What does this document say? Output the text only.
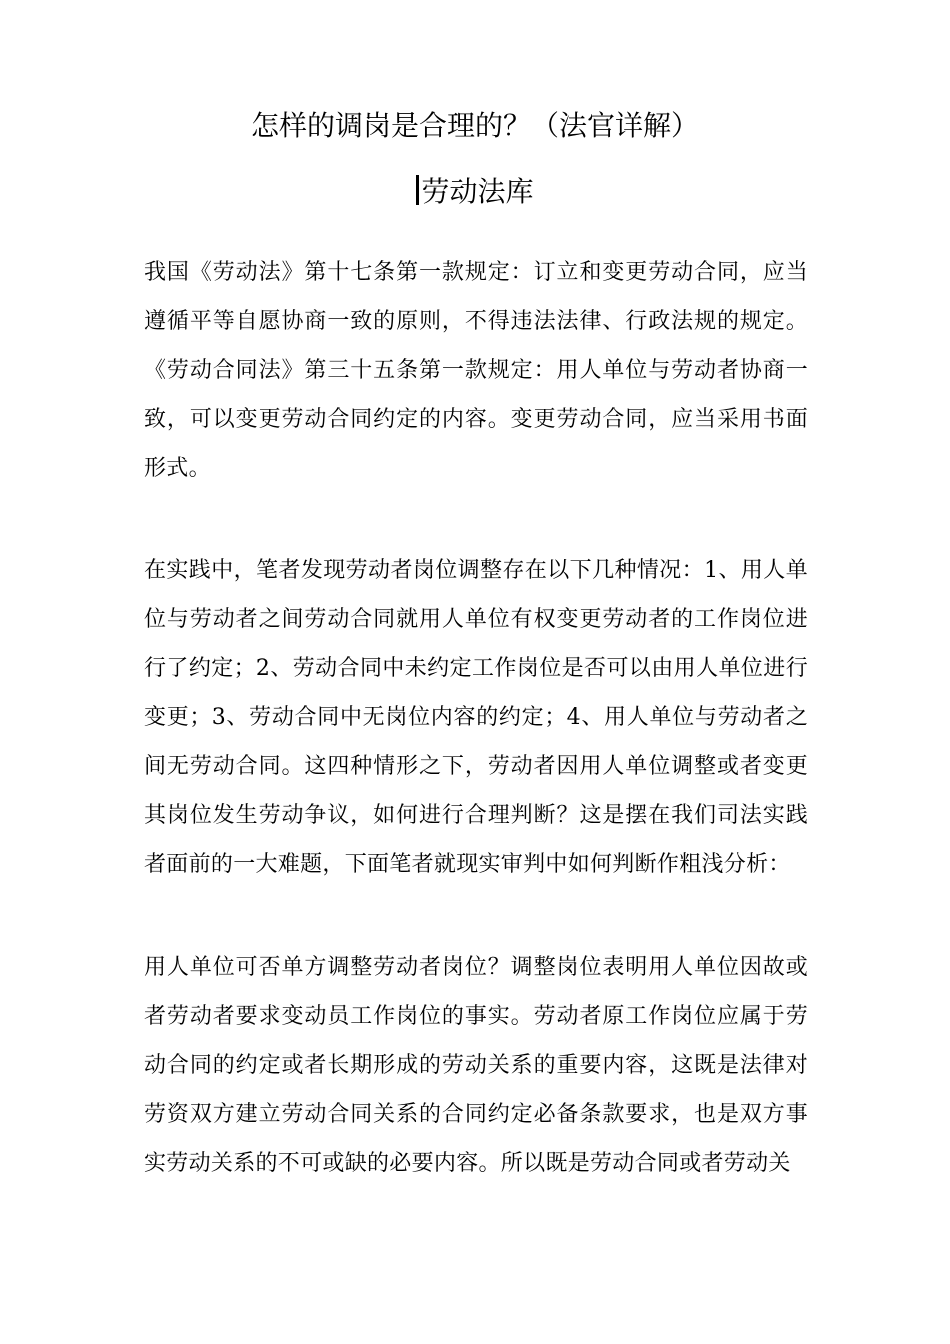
怎样的调岗是合理的？（法官详解）
劳动法库
我国《劳动法》第十七条第一款规定：订立和变更劳动合同，应当遵循平等自愿协商一致的原则，不得违法法律、行政法规的规定。《劳动合同法》第三十五条第一款规定：用人单位与劳动者协商一致，可以变更劳动合同约定的内容。变更劳动合同，应当采用书面形式。
在实践中，笔者发现劳动者岗位调整存在以下几种情况：1、用人单位与劳动者之间劳动合同就用人单位有权变更劳动者的工作岗位进行了约定；2、劳动合同中未约定工作岗位是否可以由用人单位进行变更；3、劳动合同中无岗位内容的约定；4、用人单位与劳动者之间无劳动合同。这四种情形之下，劳动者因用人单位调整或者变更其岗位发生劳动争议，如何进行合理判断？这是摆在我们司法实践者面前的一大难题，下面笔者就现实审判中如何判断作粗浅分析：
用人单位可否单方调整劳动者岗位？调整岗位表明用人单位因故或者劳动者要求变动员工作岗位的事实。劳动者原工作岗位应属于劳动合同的约定或者长期形成的劳动关系的重要内容，这既是法律对劳资双方建立劳动合同关系的合同约定必备条款要求，也是双方事实劳动关系的不可或缺的必要内容。所以既是劳动合同或者劳动关
